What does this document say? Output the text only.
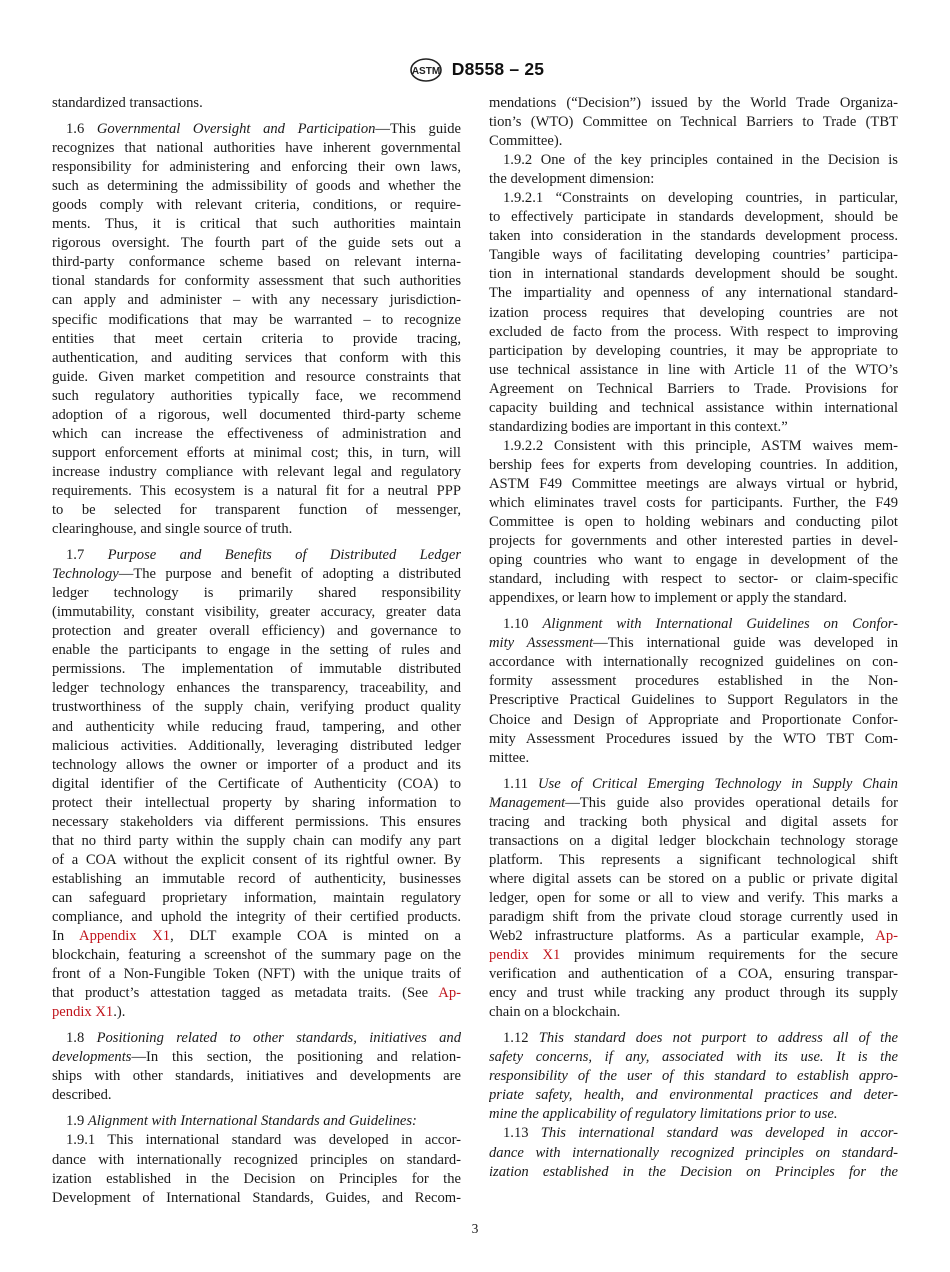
ASTM D8558 – 25
standardized transactions.
1.6 Governmental Oversight and Participation—This guide
recognizes that national authorities have inherent governmental
responsibility for administering and enforcing their own laws,
such as determining the admissibility of goods and whether the
goods comply with relevant criteria, conditions, or require-
ments. Thus, it is critical that such authorities maintain
rigorous oversight. The fourth part of the guide sets out a
third-party conformance scheme based on relevant interna-
tional standards for conformity assessment that such authorities
can apply and administer – with any necessary jurisdiction-
specific modifications that may be warranted – to recognize
entities that meet certain criteria to provide tracing,
authentication, and auditing services that conform with this
guide. Given market competition and resource constraints that
such regulatory authorities typically face, we recommend
adoption of a rigorous, well documented third-party scheme
which can increase the effectiveness of administration and
support enforcement efforts at minimal cost; this, in turn, will
increase industry compliance with relevant legal and regulatory
requirements. This ecosystem is a natural fit for a neutral PPP
to be selected for transparent function of messenger,
clearinghouse, and single source of truth.
1.7 Purpose and Benefits of Distributed Ledger
Technology—The purpose and benefit of adopting a distributed
ledger technology is primarily shared responsibility
(immutability, constant visibility, greater accuracy, greater data
protection and greater overall efficiency) and governance to
enable the participants to engage in the setting of rules and
permissions. The implementation of immutable distributed
ledger technology enhances the transparency, traceability, and
trustworthiness of the supply chain, verifying product quality
and authenticity while reducing fraud, tampering, and other
malicious activities. Additionally, leveraging distributed ledger
technology allows the owner or importer of a product and its
digital identifier of the Certificate of Authenticity (COA) to
protect their intellectual property by sharing information to
necessary stakeholders via different permissions. This ensures
that no third party within the supply chain can modify any part
of a COA without the explicit consent of its rightful owner. By
establishing an immutable record of authenticity, businesses
can safeguard proprietary information, maintain regulatory
compliance, and uphold the integrity of their certified products.
In Appendix X1, DLT example COA is minted on a
blockchain, featuring a screenshot of the summary page on the
front of a Non-Fungible Token (NFT) with the unique traits of
that product’s attestation tagged as metadata traits. (See Ap-
pendix X1.).
1.8 Positioning related to other standards, initiatives and
developments—In this section, the positioning and relation-
ships with other standards, initiatives and developments are
described.
1.9 Alignment with International Standards and Guidelines:
1.9.1 This international standard was developed in accor-
dance with internationally recognized principles on standard-
ization established in the Decision on Principles for the
Development of International Standards, Guides, and Recom-
mendations (“Decision”) issued by the World Trade Organiza-
tion’s (WTO) Committee on Technical Barriers to Trade (TBT
Committee).
1.9.2 One of the key principles contained in the Decision is
the development dimension:
1.9.2.1 “Constraints on developing countries, in particular,
to effectively participate in standards development, should be
taken into consideration in the standards development process.
Tangible ways of facilitating developing countries’ participa-
tion in international standards development should be sought.
The impartiality and openness of any international standard-
ization process requires that developing countries are not
excluded de facto from the process. With respect to improving
participation by developing countries, it may be appropriate to
use technical assistance in line with Article 11 of the WTO’s
Agreement on Technical Barriers to Trade. Provisions for
capacity building and technical assistance within international
standardizing bodies are important in this context.”
1.9.2.2 Consistent with this principle, ASTM waives mem-
bership fees for experts from developing countries. In addition,
ASTM F49 Committee meetings are always virtual or hybrid,
which eliminates travel costs for participants. Further, the F49
Committee is open to holding webinars and conducting pilot
projects for governments and other interested parties in devel-
oping countries who want to engage in development of the
standard, including with respect to sector- or claim-specific
appendixes, or learn how to implement or apply the standard.
1.10 Alignment with International Guidelines on Confor-
mity Assessment—This international guide was developed in
accordance with internationally recognized guidelines on con-
formity assessment procedures established in the Non-
Prescriptive Practical Guidelines to Support Regulators in the
Choice and Design of Appropriate and Proportionate Confor-
mity Assessment Procedures issued by the WTO TBT Com-
mittee.
1.11 Use of Critical Emerging Technology in Supply Chain
Management—This guide also provides operational details for
tracing and tracking both physical and digital assets for
transactions on a digital ledger blockchain technology storage
platform. This represents a significant technological shift
where digital assets can be stored on a public or private digital
ledger, open for some or all to view and verify. This marks a
paradigm shift from the private cloud storage currently used in
Web2 infrastructure platforms. As a particular example, Ap-
pendix X1 provides minimum requirements for the secure
verification and authentication of a COA, ensuring transpar-
ency and trust while tracking any product through its supply
chain on a blockchain.
1.12 This standard does not purport to address all of the
safety concerns, if any, associated with its use. It is the
responsibility of the user of this standard to establish appro-
priate safety, health, and environmental practices and deter-
mine the applicability of regulatory limitations prior to use.
1.13 This international standard was developed in accor-
dance with internationally recognized principles on standard-
ization established in the Decision on Principles for the
3
